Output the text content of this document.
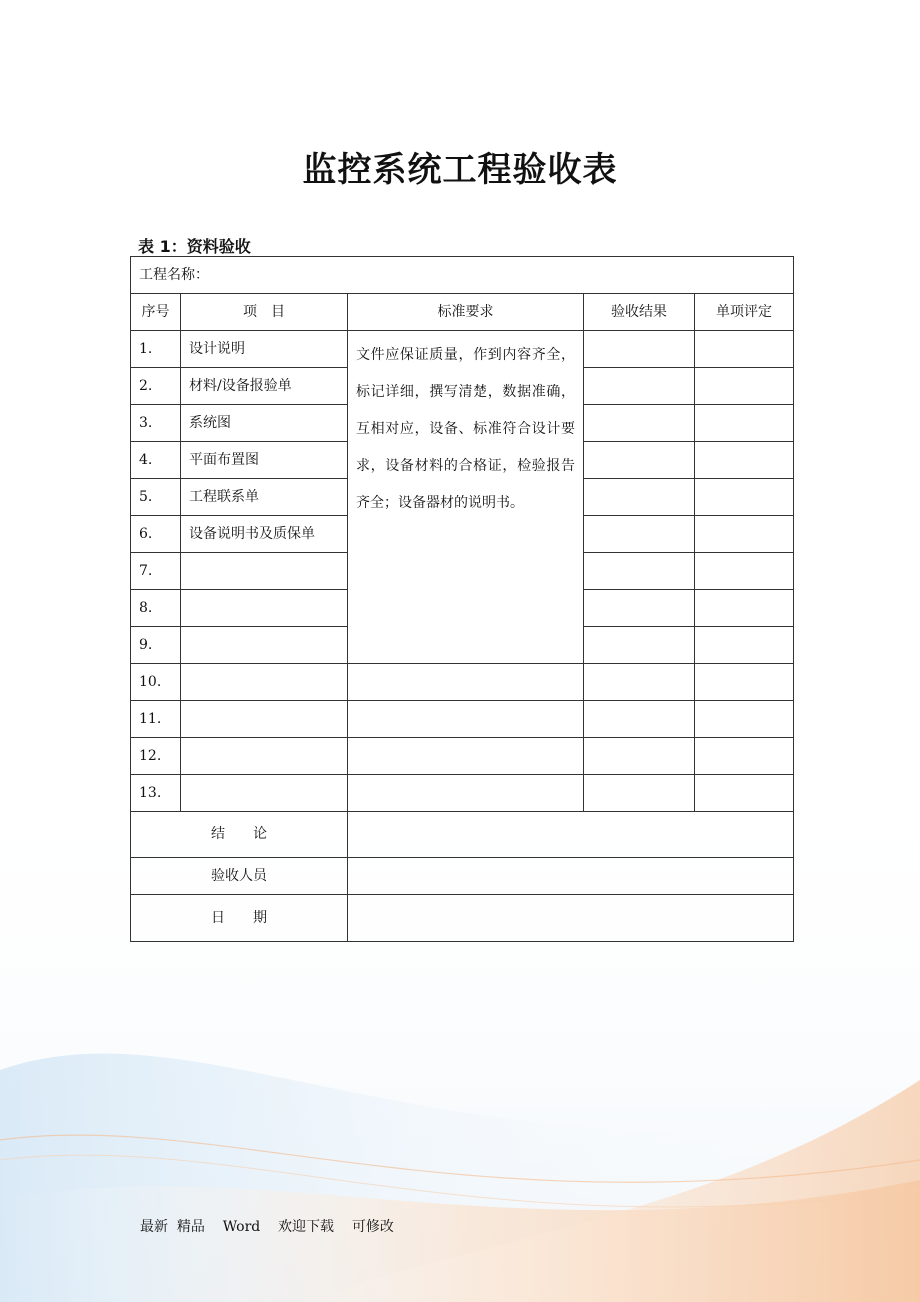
监控系统工程验收表
表 1：资料验收
工程名称：				
序号	项　目	标准要求	验收结果	单项评定
1.	设计说明	文件应保证质量，作到内容齐全，标记详细，撰写清楚，数据准确，互相对应，设备、标准符合设计要求，设备材料的合格证，检验报告齐全；设备器材的说明书。		
2.	材料/设备报验单			
3.	系统图			
4.	平面布置图			
5.	工程联系单			
6.	设备说明书及质保单			
7.				
8.				
9.				
10.				
11.				
12.				
13.				
结　　论				
验收人员				
日　　期				
最新  精品    Word    欢迎下载    可修改
